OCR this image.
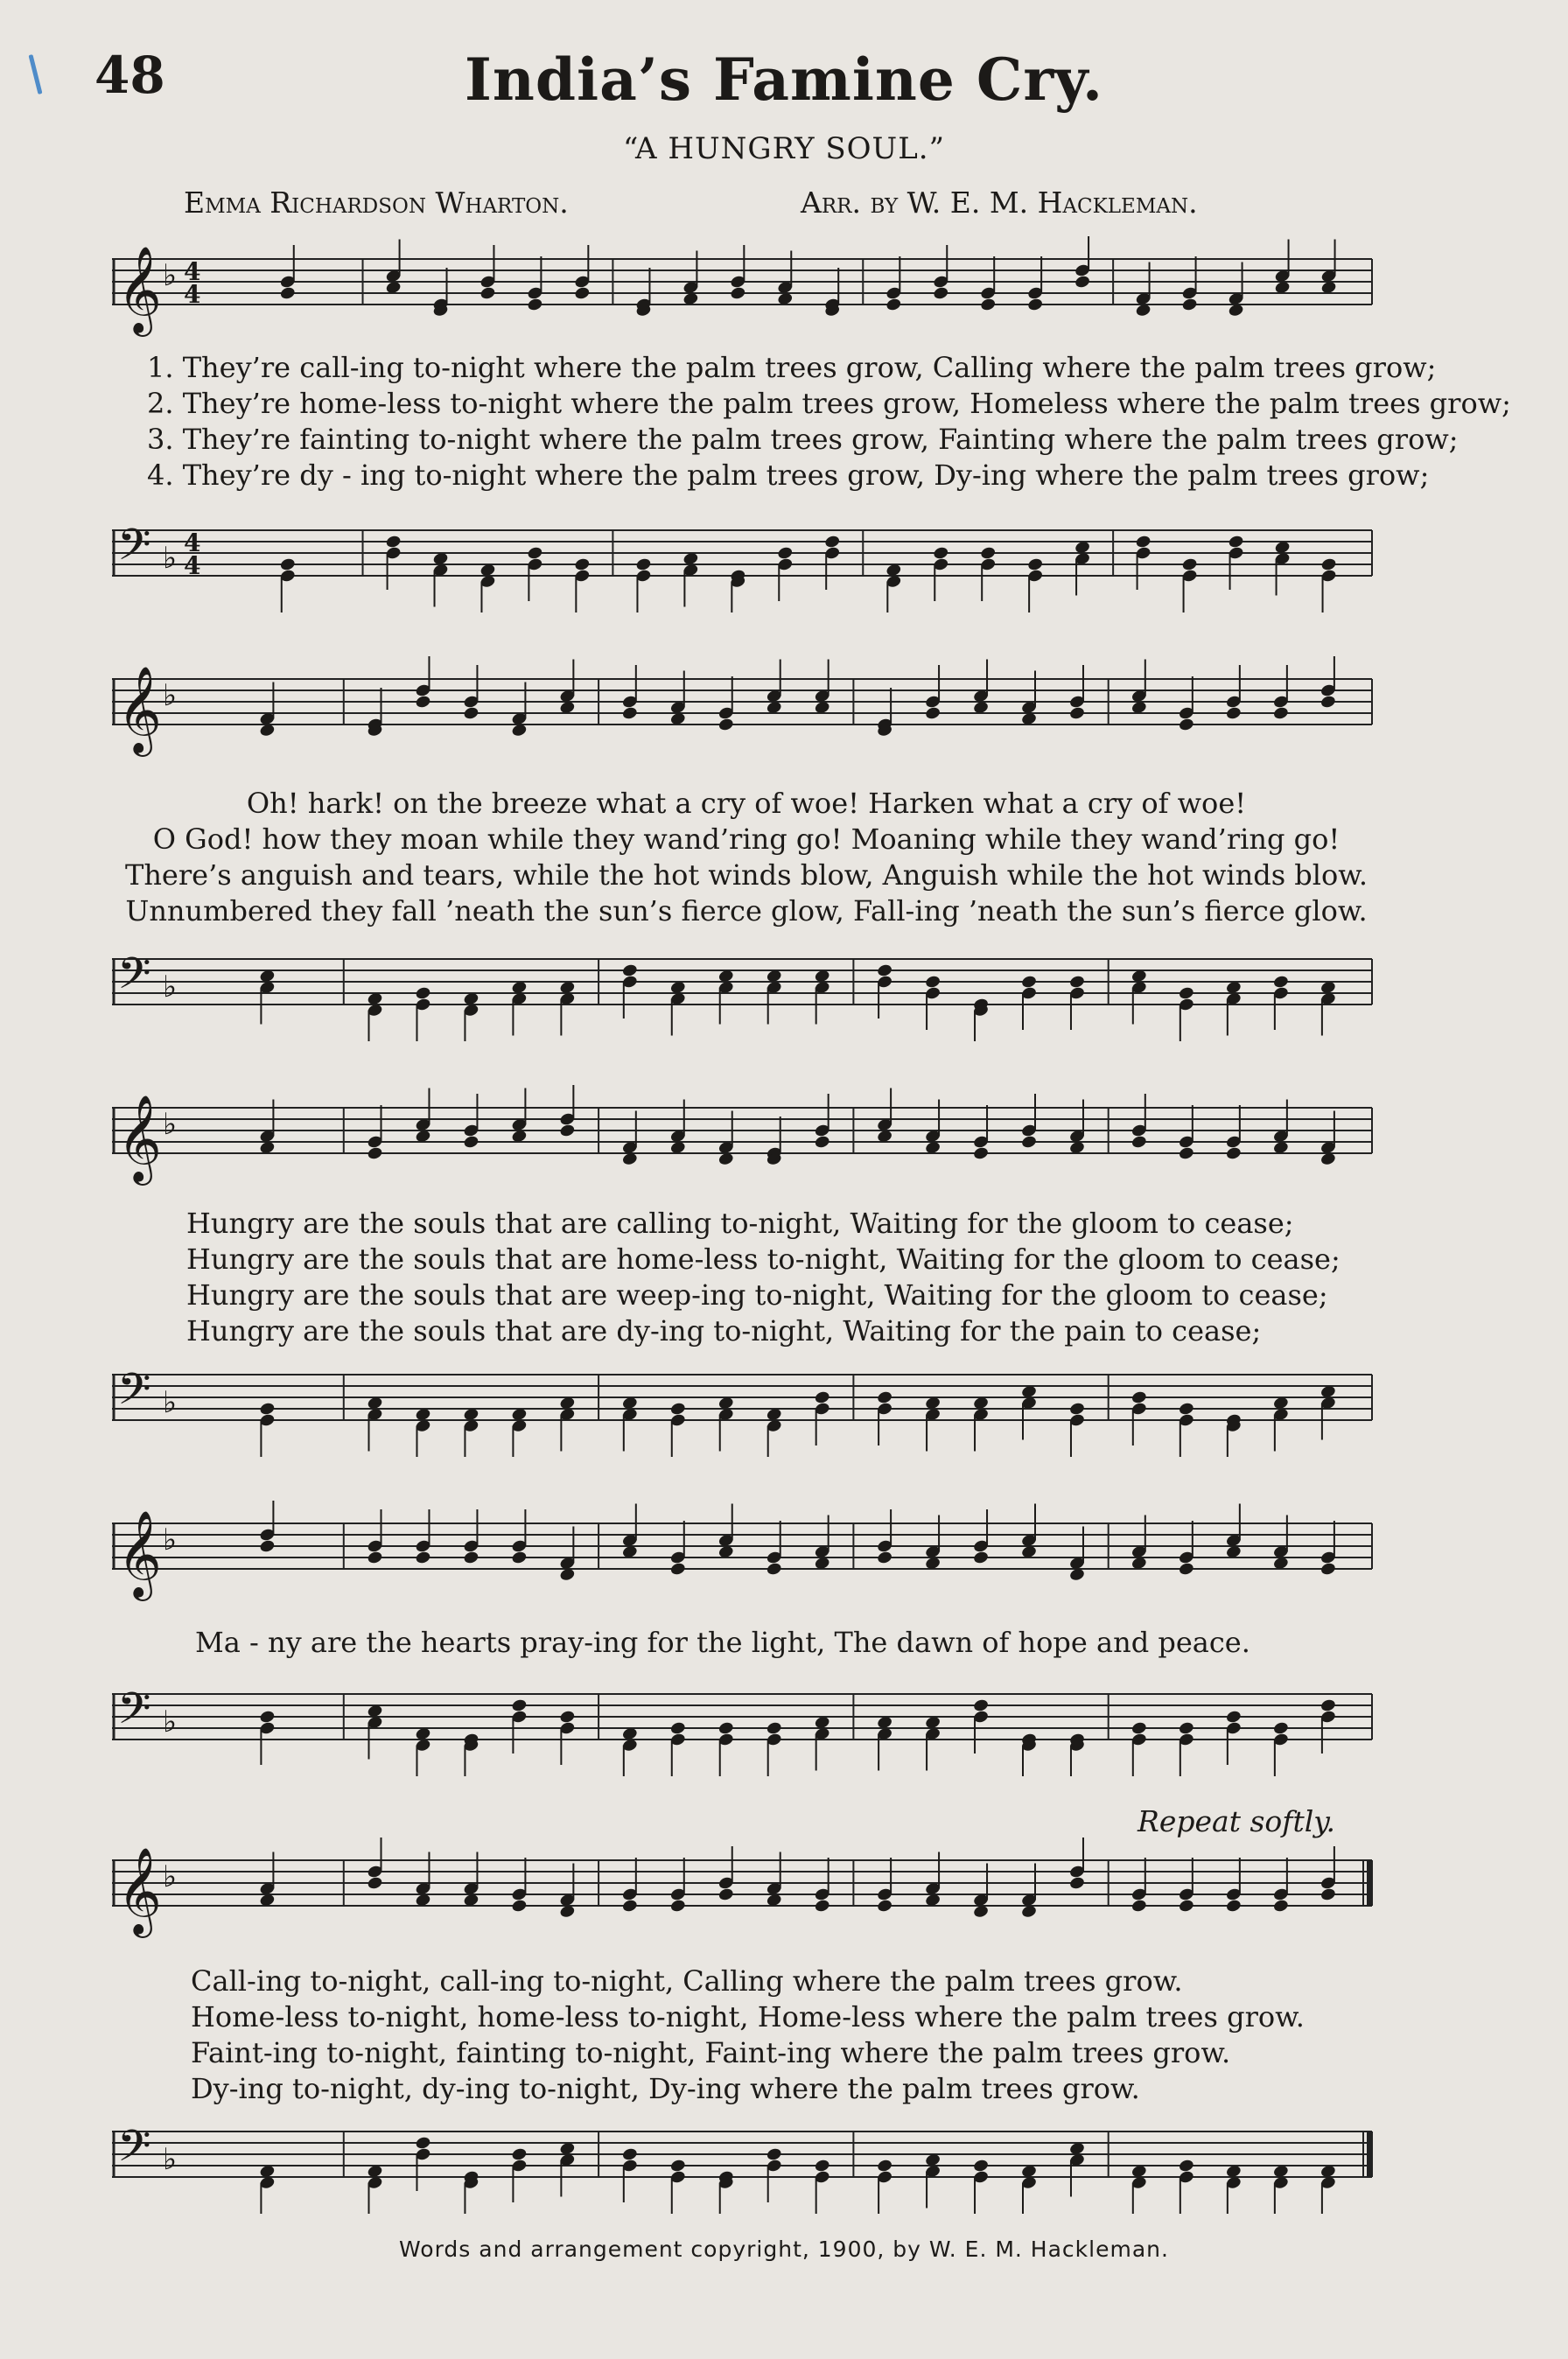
48	India’s Famine Cry.
“A HUNGRY SOUL.”
Emma Richardson Wharton.	Arr. by W. E. M. Hackleman.
𝄞 ♭ 4
4
1. They’re call-ing to-night where the palm trees grow, Calling where the palm trees grow;
2. They’re home-less to-night where the palm trees grow, Homeless where the palm trees grow;
3. They’re fainting to-night where the palm trees grow, Fainting where the palm trees grow;
4. They’re dy - ing to-night where the palm trees grow, Dy-ing where the palm trees grow;
𝄢 ♭ 4
4
𝄞 ♭
Oh! hark! on the breeze what a cry of woe! Harken what a cry of woe!
O God! how they moan while they wand’ring go! Moaning while they wand’ring go!
There’s anguish and tears, while the hot winds blow, Anguish while the hot winds blow.
Unnumbered they fall ’neath the sun’s fierce glow, Fall-ing ’neath the sun’s fierce glow.
𝄢 ♭
𝄞 ♭
Hungry are the souls that are calling to-night, Waiting for the gloom to cease;
Hungry are the souls that are home-less to-night, Waiting for the gloom to cease;
Hungry are the souls that are weep-ing to-night, Waiting for the gloom to cease;
Hungry are the souls that are dy-ing to-night, Waiting for the pain to cease;
𝄢 ♭
𝄞 ♭
Ma - ny are the hearts pray-ing for the light, The dawn of hope and peace.
𝄢 ♭
Repeat softly.
𝄞 ♭
Call-ing to-night, call-ing to-night, Calling where the palm trees grow.
Home-less to-night, home-less to-night, Home-less where the palm trees grow.
Faint-ing to-night, fainting to-night, Faint-ing where the palm trees grow.
Dy-ing to-night, dy-ing to-night, Dy-ing where the palm trees grow.
𝄢 ♭
Words and arrangement copyright, 1900, by W. E. M. Hackleman.
